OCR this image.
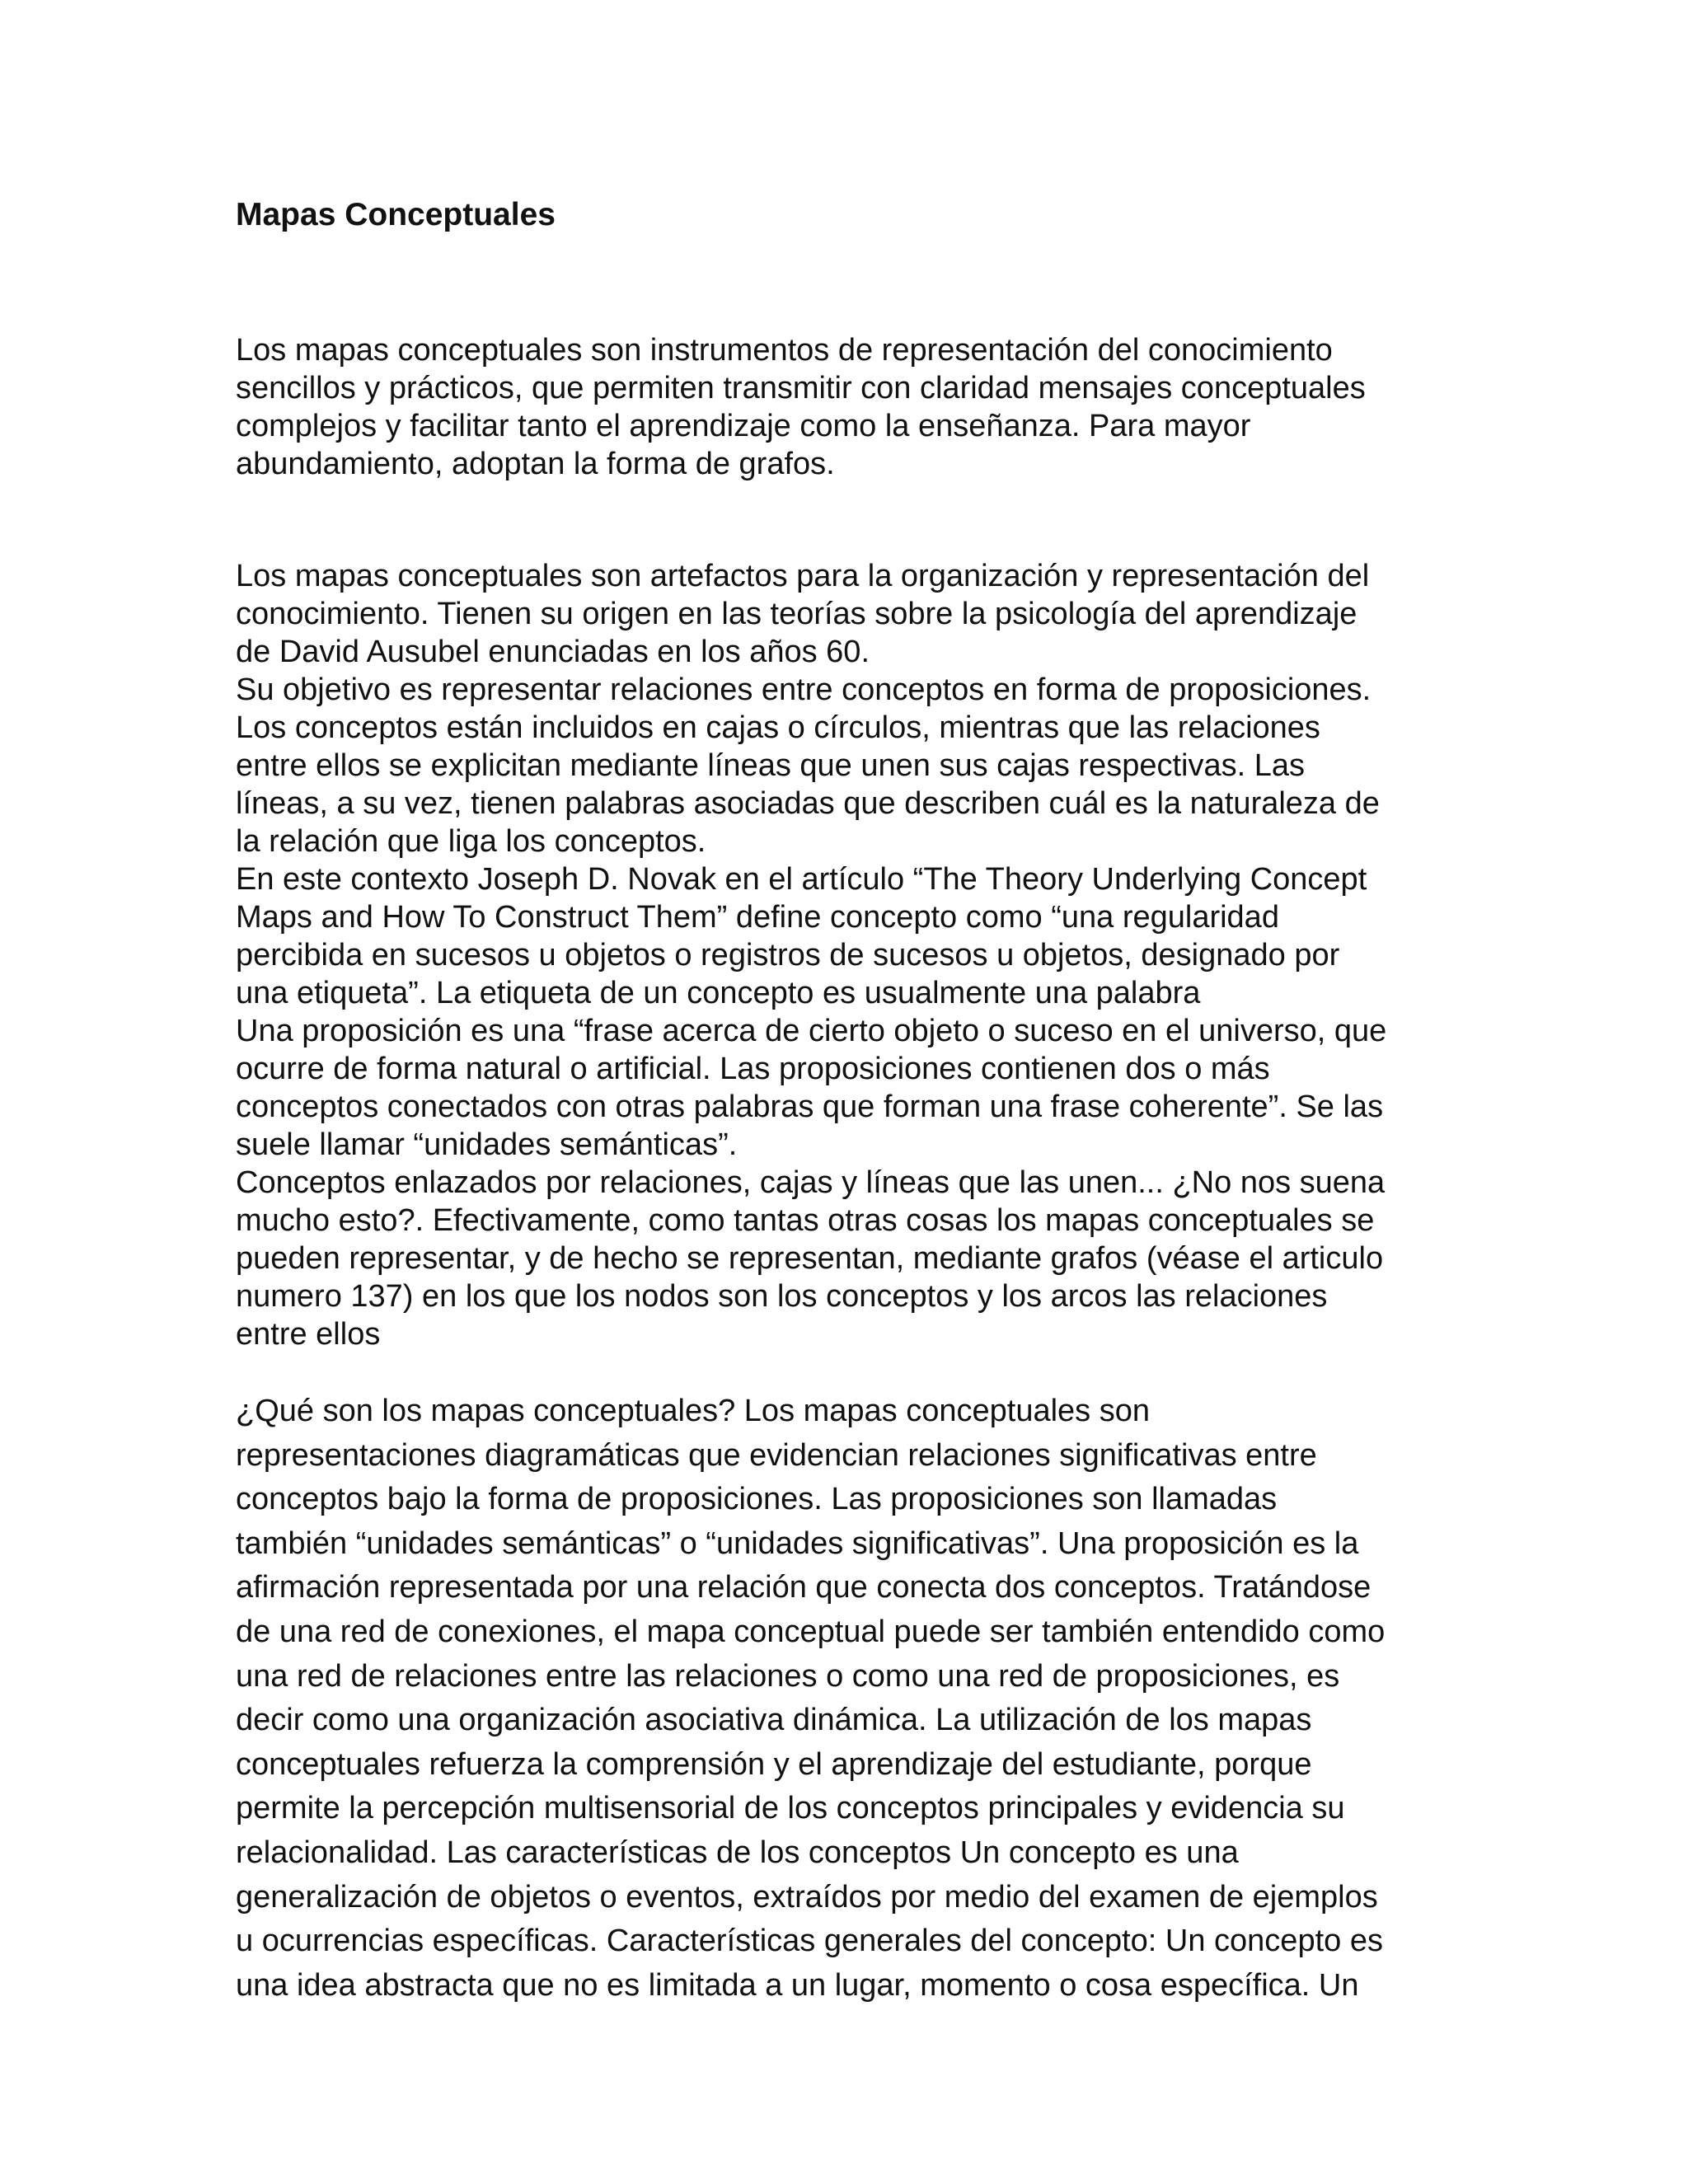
Mapas Conceptuales
Los mapas conceptuales son instrumentos de representación del conocimiento
sencillos y prácticos, que permiten transmitir con claridad mensajes conceptuales
complejos y facilitar tanto el aprendizaje como la enseñanza. Para mayor
abundamiento, adoptan la forma de grafos.
Los mapas conceptuales son artefactos para la organización y representación del
conocimiento. Tienen su origen en las teorías sobre la psicología del aprendizaje
de David Ausubel enunciadas en los años 60.
Su objetivo es representar relaciones entre conceptos en forma de proposiciones.
Los conceptos están incluidos en cajas o círculos, mientras que las relaciones
entre ellos se explicitan mediante líneas que unen sus cajas respectivas. Las
líneas, a su vez, tienen palabras asociadas que describen cuál es la naturaleza de
la relación que liga los conceptos.
En este contexto Joseph D. Novak en el artículo “The Theory Underlying Concept
Maps and How To Construct Them” define concepto como “una regularidad
percibida en sucesos u objetos o registros de sucesos u objetos, designado por
una etiqueta”. La etiqueta de un concepto es usualmente una palabra
Una proposición es una “frase acerca de cierto objeto o suceso en el universo, que
ocurre de forma natural o artificial. Las proposiciones contienen dos o más
conceptos conectados con otras palabras que forman una frase coherente”. Se las
suele llamar “unidades semánticas”.
Conceptos enlazados por relaciones, cajas y líneas que las unen... ¿No nos suena
mucho esto?. Efectivamente, como tantas otras cosas los mapas conceptuales se
pueden representar, y de hecho se representan, mediante grafos (véase el articulo
numero 137) en los que los nodos son los conceptos y los arcos las relaciones
entre ellos
¿Qué son los mapas conceptuales? Los mapas conceptuales son
representaciones diagramáticas que evidencian relaciones significativas entre
conceptos bajo la forma de proposiciones. Las proposiciones son llamadas
también “unidades semánticas” o “unidades significativas”. Una proposición es la
afirmación representada por una relación que conecta dos conceptos. Tratándose
de una red de conexiones, el mapa conceptual puede ser también entendido como
una red de relaciones entre las relaciones o como una red de proposiciones, es
decir como una organización asociativa dinámica. La utilización de los mapas
conceptuales refuerza la comprensión y el aprendizaje del estudiante, porque
permite la percepción multisensorial de los conceptos principales y evidencia su
relacionalidad. Las características de los conceptos Un concepto es una
generalización de objetos o eventos, extraídos por medio del examen de ejemplos
u ocurrencias específicas. Características generales del concepto: Un concepto es
una idea abstracta que no es limitada a un lugar, momento o cosa específica. Un
